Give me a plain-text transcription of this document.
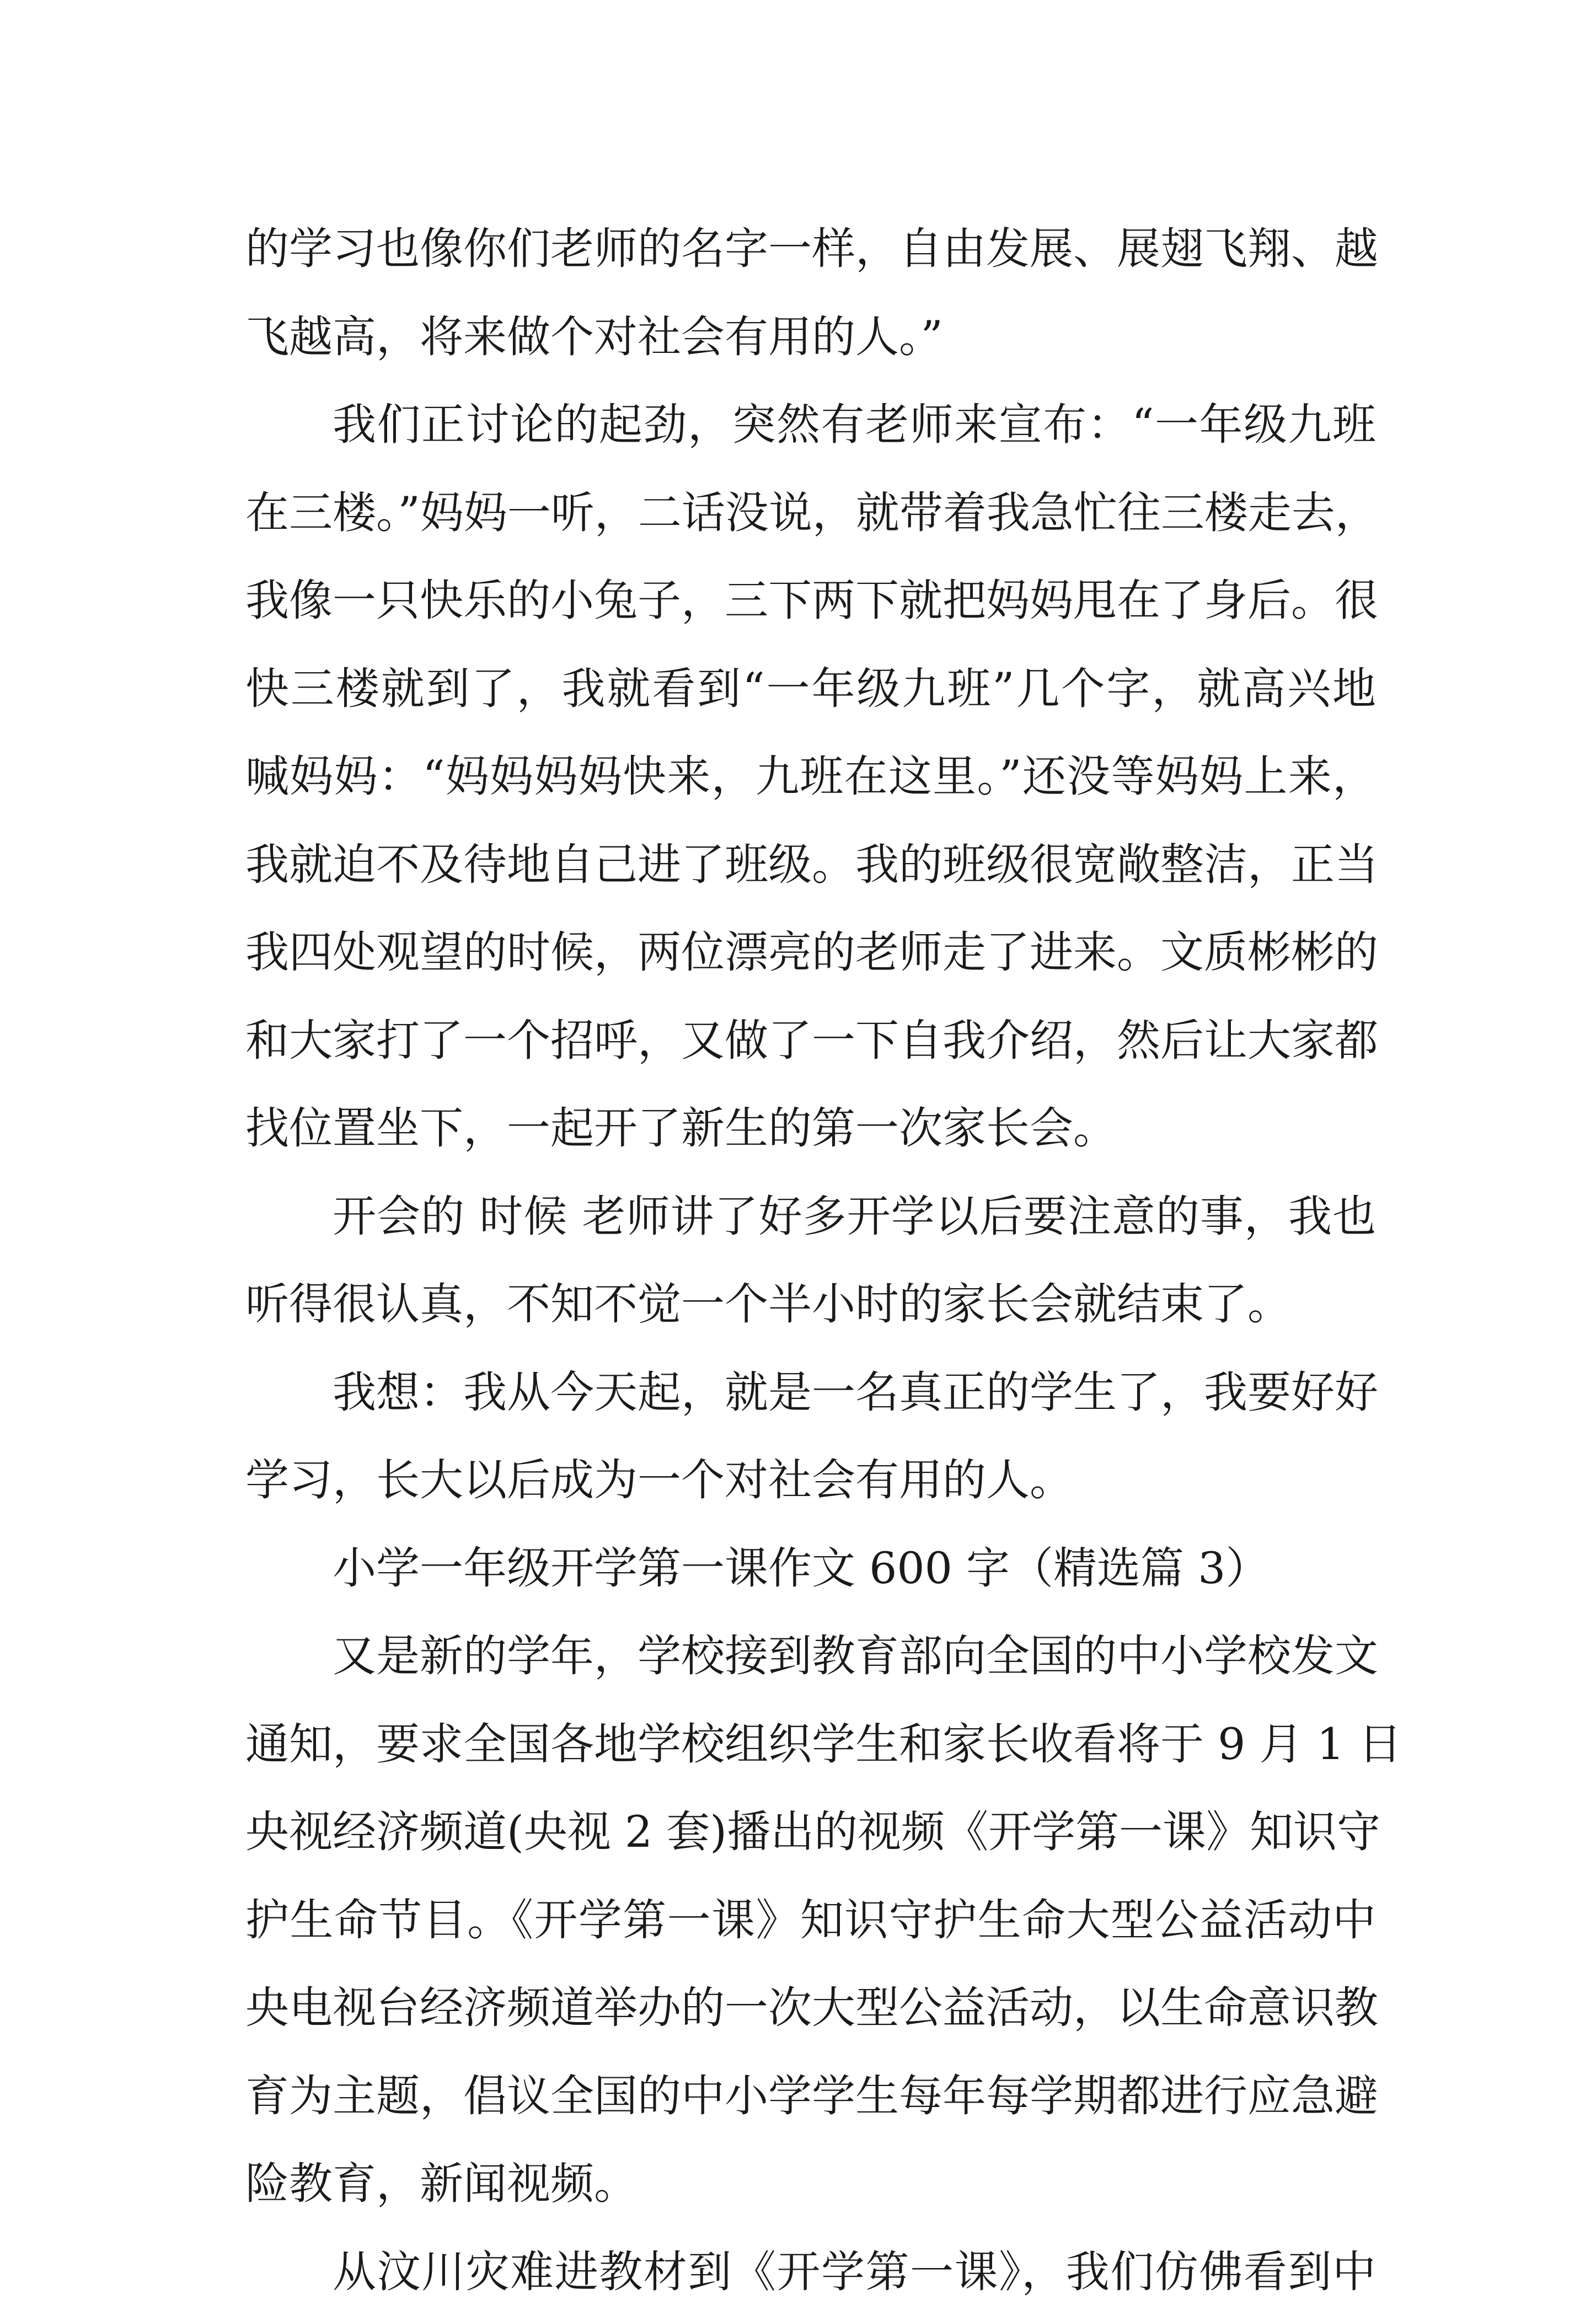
的学习也像你们老师的名字一样，自由发展、展翅飞翔、越
飞越高，将来做个对社会有用的人。”
我们正讨论的起劲，突然有老师来宣布：“一年级九班
在三楼。”妈妈一听，二话没说，就带着我急忙往三楼走去，
我像一只快乐的小兔子，三下两下就把妈妈甩在了身后。很
快三楼就到了，我就看到“一年级九班”几个字，就高兴地
喊妈妈：“妈妈妈妈快来，九班在这里。”还没等妈妈上来，
我就迫不及待地自己进了班级。我的班级很宽敞整洁，正当
我四处观望的时候，两位漂亮的老师走了进来。文质彬彬的
和大家打了一个招呼，又做了一下自我介绍，然后让大家都
找位置坐下，一起开了新生的第一次家长会。
开会的 时候 老师讲了好多开学以后要注意的事，我也
听得很认真，不知不觉一个半小时的家长会就结束了。
我想：我从今天起，就是一名真正的学生了，我要好好
学习，长大以后成为一个对社会有用的人。
小学一年级开学第一课作文 600 字（精选篇 3）
又是新的学年，学校接到教育部向全国的中小学校发文
通知，要求全国各地学校组织学生和家长收看将于 9 月 1 日
央视经济频道(央视 2 套)播出的视频《开学第一课》知识守
护生命节目。《开学第一课》知识守护生命大型公益活动中
央电视台经济频道举办的一次大型公益活动，以生命意识教
育为主题，倡议全国的中小学学生每年每学期都进行应急避
险教育，新闻视频。
从汶川灾难进教材到《开学第一课》，我们仿佛看到中
